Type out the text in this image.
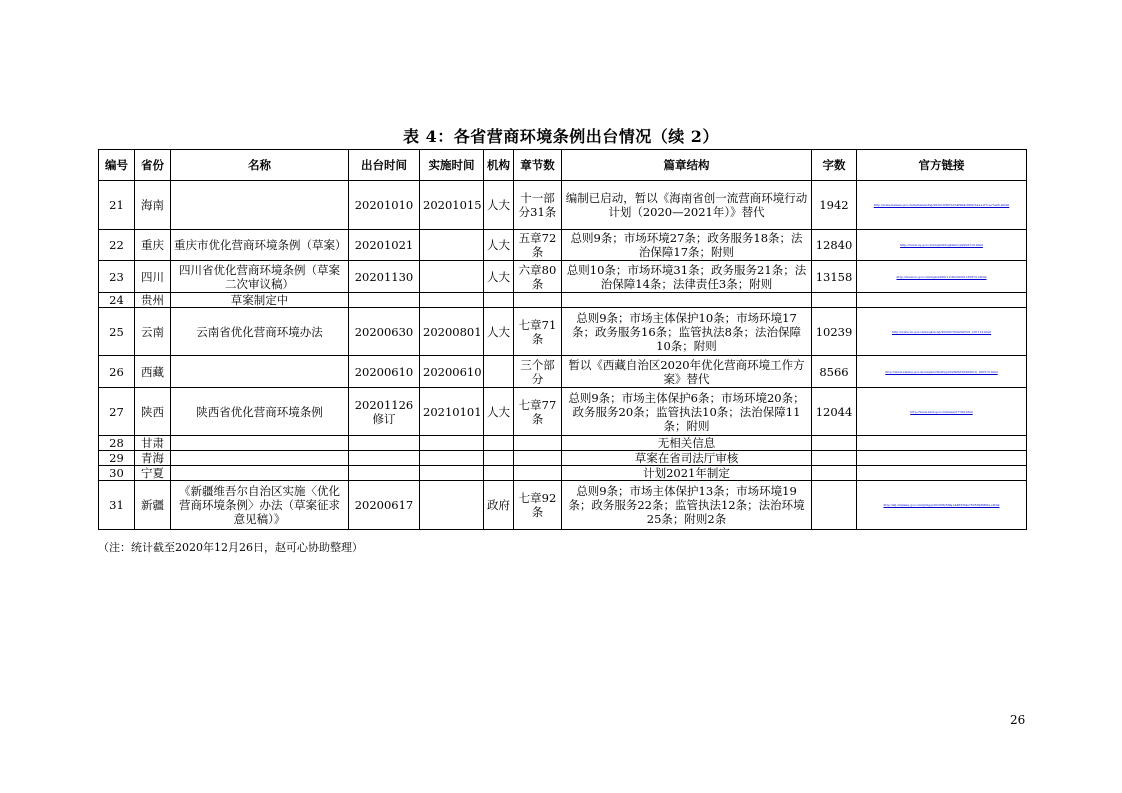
表 4：各省营商环境条例出台情况（续 2）
编号	省份	名称	出台时间	实施时间	机构	章节数	篇章结构	字数	官方链接
21	海南		20201010	20201015	人大	十一部分31条	编制已启动，暂以《海南省创一流营商环境行动计划（2020—2021年）》替代	1942	http://www.hainan.gov.cn/hainan/szfwj/202010/f97b1b4f994cf9f47ba1a1f7cec7a2b.shtml
22	重庆	重庆市优化营商环境条例（草案）	20201021		人大	五章72条	总则9条；市场环境27条；政务服务18条；法治保障17条；附则	12840	http://www.cq.gov.cn/zwgk/zfxxgkml/zcjd/202710.html
23	四川	四川省优化营商环境条例（草案二次审议稿）	20201130		人大	六章80条	总则10条；市场环境31条；政务服务21条；法治保障14条；法律责任3条；附则	13158	http://www.sc.gov.cn/zwgk/2020/11/30/20201130572.shtml
24	贵州	草案制定中							
25	云南	云南省优化营商环境办法	20200630	20200801	人大	七章71条	总则9条；市场主体保护10条；市场环境17条；政务服务16条；监管执法8条；法治保障10条；附则	10239	http://www.yn.gov.cn/zwgk/zcwj/202007/t20200703_207113.html
26	西藏		20200610	20200610		三个部分	暂以《西藏自治区2020年优化营商环境工作方案》替代	8566	http://www.xizang.gov.cn/zwgk/xxfb/zfwj/202006/t20200610_160573.html
27	陕西	陕西省优化营商环境条例	20201126修订	20210101	人大	七章77条	总则9条；市场主体保护6条；市场环境20条；政务服务20条；监管执法10条；法治保障11条；附则	12044	http://www.sxrd.gov.cn/index/27799.html
28	甘肃						无相关信息		
29	青海						草案在省司法厅审核		
30	宁夏						计划2021年制定		
31	新疆	《新疆维吾尔自治区实施〈优化营商环境条例〉办法（草案征求意见稿）》	20200617		政府	七章92条	总则9条；市场主体保护13条；市场环境19条；政务服务22条；监管执法12条；法治环境25条；附则2条		http://sfj.xinjiang.gov.cn/sfj/tzgg/202006/5f9a144ff33f4e7835396f8f0a.shtml
（注：统计截至2020年12月26日，赵可心协助整理）
26
